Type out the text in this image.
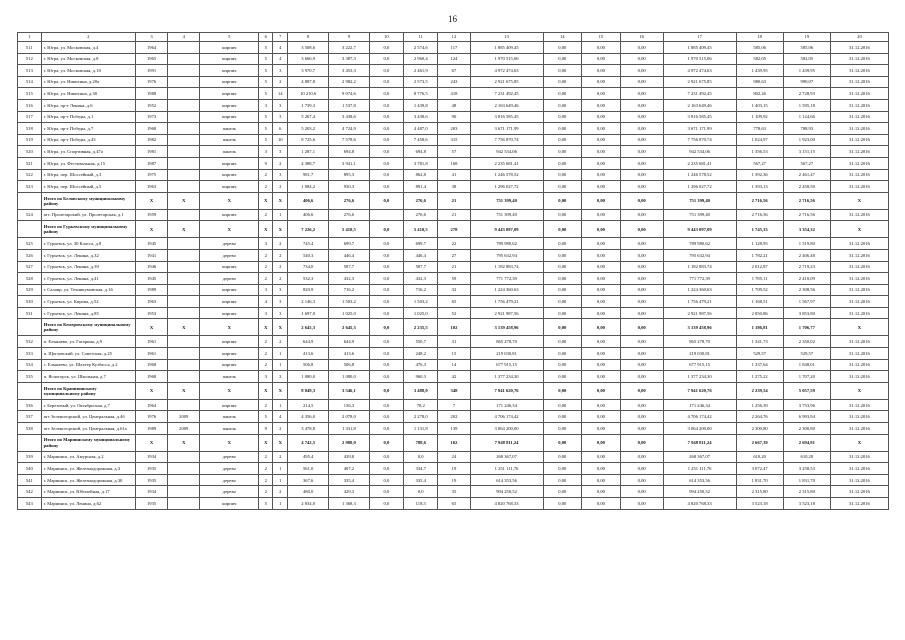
16
1	2	3	4	5	6	7	8	9	10	11	12	13	14	15	16	17	18	19	20
511	г. Югра, ул. Московская, д.4	1964		кирпич	5	4	3 508,6	3 222,7	0,0	2 574,6	117	1 885 409,45	0,00	0,00	0,00	1 885 409,45	585,06	585,06	31.12.2016
512	г. Югра, ул. Московская, д.8	1965		кирпич	5	4	3 666,9	3 387,3	0,0	2 960,4	124	1 970 515,06	0,00	0,00	0,00	1 970 515,06	582,05	582,05	31.12.2016
513	г. Югра, ул. Московская, д.18	1991		кирпич	5	3	3 970,7	3 453,3	0,0	2 461,9	67	4 972 474,63	0,00	0,00	0,00	4 972 474,63	1 439,95	1 439,95	31.12.2016
514	г. Югра, ул. Никитина, д.28а	1976		кирпич	5	2	4 887,8	2 982,2	0,0	2 573,5	243	2 921 675,85	0,00	0,00	0,00	2 921 675,85	980,63	990,07	31.12.2016
515	г. Югра, ул. Никитина, д.38	1988		кирпич	5	14	10 210,6	9 074,6	0,0	8 776,5	418	7 231 492,45	0,00	0,00	0,00	7 231 492,45	802,26	2 728,93	31.12.2016
516	г. Югра, пр-т Ленина, д.6	1952		кирпич	3	3	1 739,3	1 537,8	0,0	1 439,8	48	2 163 649,46	0,00	0,00	0,00	2 163 649,46	1 403,15	1 595,18	31.12.2016
517	г. Югра, пр-т Победы, д.1	1973		кирпич	5	3	5 267,4	3 438,6	0,0	3 438,6	90	3 816 585,45	0,00	0,00	0,00	3 816 585,45	1 109,92	1 124,66	31.12.2016
518	г. Югра, пр-т Победы, д.7	1968		панель	5	6	5 203,2	4 724,9	0,0	4 487,0	203	3 671 171,99	0,00	0,00	0,00	3 671 171,99	778,63	788,93	31.12.2016
519	г. Югра, пр-т Победы, д.43	1982		панель	5	10	8 725,6	7 578,6	0,0	7 458,6	315	7 756 870,74	0,00	0,00	0,00	7 756 870,74	1 024,97	1 923,00	31.12.2016
520	г. Югра, ул. Спортивная, д.47а	1981		панель	3	3	1 287,1	694,8	0,0	694,8	57	942 534,06	0,00	0,00	0,00	942 534,06	1 356,53	3 151,15	31.12.2016
521	г. Югра, ул. Фестивальная, д.15	1987		кирпич	9	2	4 388,7	3 941,1	0,0	3 781,8	168	2 235 681,41	0,00	0,00	0,00	2 235 681,41	567,27	567,27	31.12.2016
522	г. Югра, пер. Шоссейный, д.3	1975		кирпич	2	3	981,7	895,3	0,0	862,8	41	1 246 578,52	0,00	0,00	0,00	1 246 578,52	1 392,36	2 461,47	31.12.2016
523	г. Югра, пер. Шоссейный, д.5	1963		кирпич	2	2	1 084,2	930,3	0,0	891,4	38	1 296 027,72	0,00	0,00	0,00	1 296 027,72	1 393,13	2 458,50	31.12.2016
	Итого по Беловскому муниципальному району	X	X	X	X	X	406,6	276,6	0,0	276,6	21	751 399,40	0,00	0,00	0,00	751 399,40	2 716,56	2 716,56	X
524	пгт. Пролетарский, ул. Пролетарская, д.1	1959		кирпич	2	1	406,6	276,6		276,6	21	751 399,40	0,00	0,00	0,00	751 399,40	2 716,56	2 716,56	31.12.2016
	Итого по Гурьевскому муниципальному району	X	X	X	X	X	7 226,2	5 410,5	0,0	5 410,5	278	9 443 097,09	0,00	0,00	0,00	9 443 097,09	1 745,33	3 354,32	X
525	г. Гурьевск, ул. 30 Класса, д.8	1945		дерево	3	2	745,4	699,7	0,0	699,7	22	789 980,62	0,00	0,00	0,00	789 980,62	1 128,95	1 519,80	31.12.2016
526	г. Гурьевск, ул. Ленина, д.32	1941		дерево	2	2	540,3	446,4	0,0	446,4	27	795 632,94	0,00	0,00	0,00	795 632,94	1 782,21	2 406,48	31.12.2016
527	г. Гурьевск, ул. Ленина, д.39	1946		кирпич	2	2	734,0	587,7	0,0	587,7	21	1 182 883,74	0,00	0,00	0,00	1 182 883,74	2 012,87	2 719,23	31.12.2016
528	г. Гурьевск, ул. Ленина, д.41	1945		дерево	2	2	532,3	432,3	0,0	432,3	59	771 772,39	0,00	0,00	0,00	771 772,39	1 785,11	2 410,09	31.12.2016
529	г. Салаир, ул. Техникумовская, д.16	1989		кирпич	3	3	820,9	716,2	0,0	716,2	32	1 224 360,63	0,00	0,00	0,00	1 224 360,63	1 709,52	2 308,56	31.12.2016
530	г. Гурьевск, ул. Кирова, д.52	1963		кирпич	4	3	2 146,3	1 503,2	0,0	1 503,2	65	1 756 479,21	0,00	0,00	0,00	1 756 479,21	1 168,51	1 567,97	31.12.2016
531	г. Гурьевск, ул. Ленина, д.85	1953		кирпич	3	3	1 697,0	1 025,0	0,0	1 025,0	52	2 921 987,56	0,00	0,00	0,00	2 921 987,56	2 850,86	3 853,80	31.12.2016
	Итого по Кемеровскому муниципальному району	X	X	X	X	X	2 645,3	2 645,3	0,0	2 235,5	102	3 139 458,96	0,00	0,00	0,00	3 139 458,96	1 186,81	1 706,77	X
532	п. Елыкаево, ул. Гагарина, д.9	1961		кирпич	2	2	644,9	644,9	0,0	550,7	31	865 278,70	0,00	0,00	0,00	865 278,70	1 341,73	2 350,02	31.12.2016
533	п. Щегловский, ул. Советская, д.25	1961		кирпич	2	1	413,6	413,6	0,0	248,2	15	219 030,81	0,00	0,00	0,00	219 030,81	529,57	529,57	31.12.2016
534	с. Елыкаево, ул. Шахтер Кузбасса, д.2	1968		кирпич	2	1	506,8	506,8	0,0	476,3	14	677 915,15	0,00	0,00	0,00	677 915,15	1 337,64	1 848,01	31.12.2016
535	п. Ясногорск, ул. Школьная, д.7	1968		панель	3	3	1 080,0	1 080,0	0,0	960,3	42	1 377 234,30	0,00	0,00	0,00	1 377 234,30	1 275,22	1 707,20	31.12.2016
	Итого по Крапивинскому муниципальному району	X	X	X	X	X	8 049,3	3 546,1	0,0	3 488,0	348	7 941 620,76	0,00	0,00	0,00	7 941 620,76	2 239,54	5 057,59	X
536	г. Березовый, ул. Октябрьская, д.7	1964		кирпич	2	1	214,5	136,3	0,0	78,2	7	171 246,34	0,00	0,00	0,00	171 246,34	1 256,39	3 753,96	31.12.2016
537	пгт Зеленогорский, ул. Центральная, д.4б	1976	2009	панель	5	4	4 356,0	2 078,0	0,0	2 278,0	202	4 706 174,42	0,00	0,00	0,00	4 706 174,42	2 264,76	6 993,94	31.12.2016
538	пгт Зеленогорский, ул. Центральная, д.61а	1989	2009	панель	9	2	3 478,8	1 331,8	0,0	1 131,8	139	3 064 200,00	0,00	0,00	0,00	3 064 200,00	2 300,80	2 300,80	31.12.2016
	Итого по Мариинскому муниципальному району	X	X	X	X	X	4 742,5	2 980,0	0,0	788,6	162	7 948 811,24	0,00	0,00	0,00	7 948 811,24	2 667,39	2 694,91	X
539	г. Мариинск, ул. Амурская, д.2	1934		дерево	2	2	495,4	439,8	0,0	0,0	24	268 367,07	0,00	0,00	0,00	268 367,07	610,20	610,20	31.12.2016
540	г. Мариинск, ул. Железнодорожная, д.3	1935		дерево	2	1	561,0	407,2	0,0	334,7	19	1 251 111,76	0,00	0,00	0,00	1 251 111,76	3 072,47	3 258,53	31.12.2016
541	г. Мариинск, ул. Железнодорожная, д.30	1935		дерево	2	1	367,6	335,4	0,0	335,4	19	614 353,56	0,00	0,00	0,00	614 353,56	1 831,70	1 831,70	31.12.2016
542	г. Мариинск, ул. Юбилейная, д.17	1934		дерево	2	2	480,0	429,3	0,0	0,0	35	994 250,52	0,00	0,00	0,00	994 250,52	2 315,80	2 315,80	31.12.2016
543	г. Мариинск, ул. Ленина, д.62	1935		кирпич	5	1	2 834,0	1 368,3	0,0	118,5	65	4 820 768,33	0,00	0,00	0,00	4 820 768,33	3 523,18	3 523,18	31.12.2016
